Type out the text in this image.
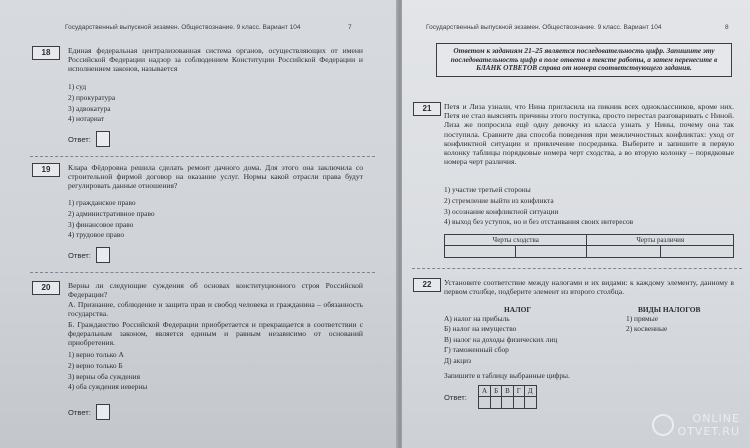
Государственный выпускной экзамен. Обществознание. 9 класс. Вариант 104	7
18	Единая федеральная централизованная система органов, осуществляющих от имени Российской Федерации надзор за соблюдением Конституции Российской Федерации и исполнением законов, называется
1) суд
2) прокуратура
3) адвокатура
4) нотариат
Ответ:
19	Клара Фёдоровна решила сделать ремонт дачного дома. Для этого она заключила со строительной фирмой договор на оказание услуг. Нормы какой отрасли права будут регулировать данные отношения?
1) гражданское право
2) административное право
3) финансовое право
4) трудовое право
Ответ:
20	Верны ли следующие суждения об основах конституционного строя Российской Федерации?
А. Признание, соблюдение и защита прав и свобод человека и гражданина – обязанность государства.
Б. Гражданство Российской Федерации приобретается и прекращается в соответствии с федеральным законом, является единым и равным независимо от оснований приобретения.
1) верно только А
2) верно только Б
3) верны оба суждения
4) оба суждения неверны
Ответ:
Государственный выпускной экзамен. Обществознание. 9 класс. Вариант 104	8
Ответом к заданиям 21–25 является последовательность цифр. Запишите эту последовательность цифр в поле ответа в тексте работы, а затем перенесите в БЛАНК ОТВЕТОВ справа от номера соответствующего задания.
21	Петя и Лиза узнали, что Нина пригласила на пикник всех одноклассников, кроме них. Петя не стал выяснять причины этого поступка, просто перестал разговаривать с Ниной. Лиза же попросила ещё одну девочку из класса узнать у Нины, почему она так поступила. Сравните два способа поведения при межличностных конфликтах: уход от конфликтной ситуации и привлечение посредника. Выберите и запишите в первую колонку таблицы порядковые номера черт сходства, а во вторую колонку – порядковые номера черт различия.
1) участие третьей стороны
2) стремление выйти из конфликта
3) осознание конфликтной ситуации
4) выход без уступок, но и без отстаивания своих интересов
Черты сходства		Черты различия	

22	Установите соответствие между налогами и их видами: к каждому элементу, данному в первом столбце, подберите элемент из второго столбца.
НАЛОГ	ВИДЫ НАЛОГОВ
А) налог на прибыль
Б) налог на имущество
В) налог на доходы физических лиц
Г) таможенный сбор
Д) акциз
1) прямые
2) косвенные
Запишите в таблицу выбранные цифры.
Ответ:
А	Б	В	Г	Д

ONLINE
OTVET.RU
